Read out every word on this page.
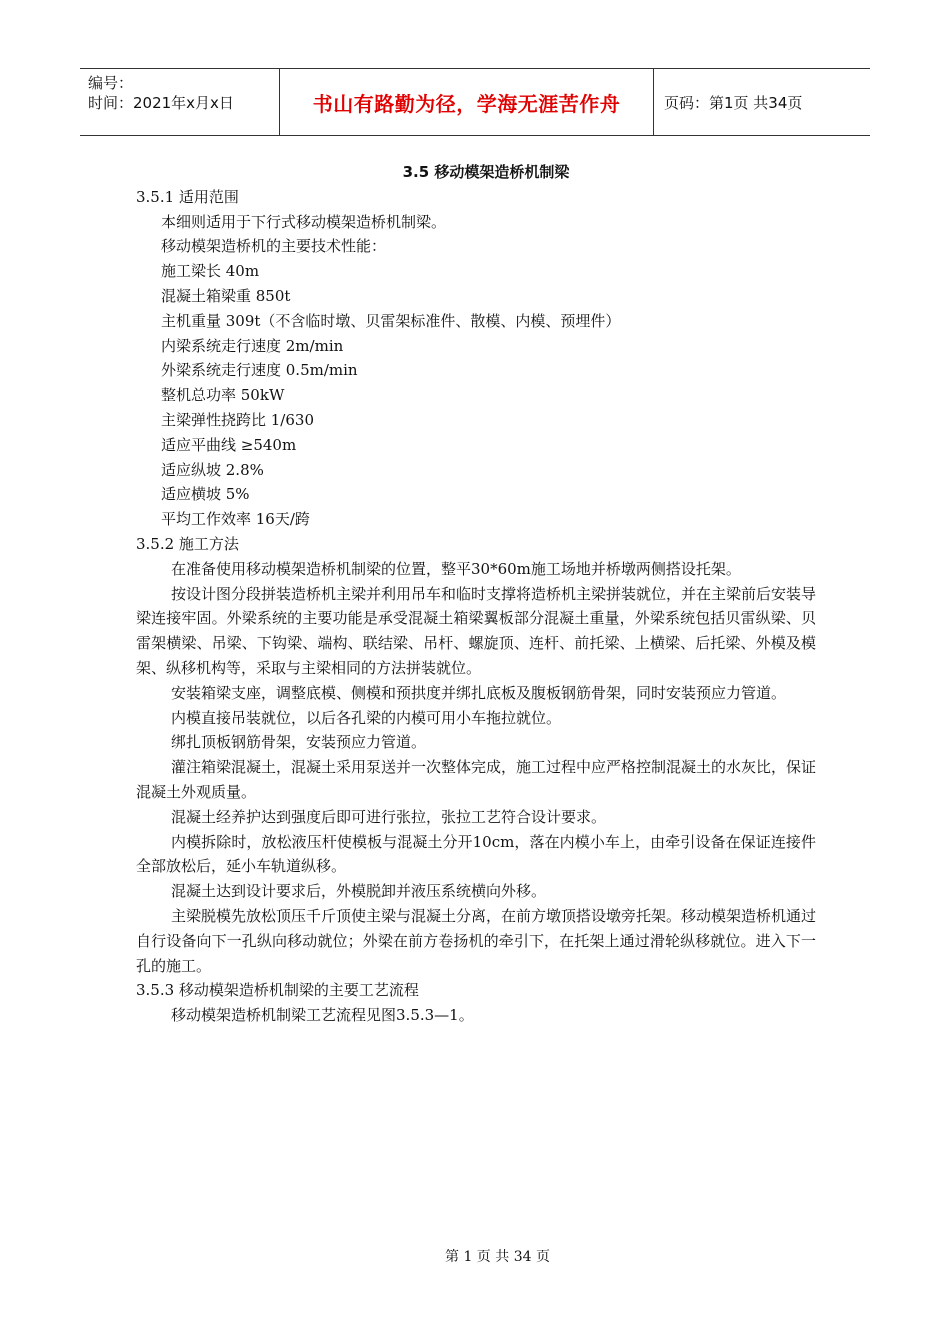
编号：
时间：2021年x月x日	书山有路勤为径，学海无涯苦作舟	页码：第1页 共34页
3.5 移动模架造桥机制梁
3.5.1 适用范围
本细则适用于下行式移动模架造桥机制梁。
移动模架造桥机的主要技术性能：
施工梁长 40m
混凝土箱梁重 850t
主机重量 309t（不含临时墩、贝雷架标准件、散模、内模、预埋件）
内梁系统走行速度 2m/min
外梁系统走行速度 0.5m/min
整机总功率 50kW
主梁弹性挠跨比 1/630
适应平曲线 ≥540m
适应纵坡 2.8%
适应横坡 5%
平均工作效率 16天/跨
3.5.2 施工方法
在准备使用移动模架造桥机制梁的位置，整平30*60m施工场地并桥墩两侧搭设托架。
按设计图分段拼装造桥机主梁并利用吊车和临时支撑将造桥机主梁拼装就位，并在主梁前后安装导梁连接牢固。外梁系统的主要功能是承受混凝土箱梁翼板部分混凝土重量，外梁系统包括贝雷纵梁、贝雷架横梁、吊梁、下钩梁、端构、联结梁、吊杆、螺旋顶、连杆、前托梁、上横梁、后托梁、外模及模架、纵移机构等，采取与主梁相同的方法拼装就位。
安装箱梁支座，调整底模、侧模和预拱度并绑扎底板及腹板钢筋骨架，同时安装预应力管道。
内模直接吊装就位，以后各孔梁的内模可用小车拖拉就位。
绑扎顶板钢筋骨架，安装预应力管道。
灌注箱梁混凝土，混凝土采用泵送并一次整体完成，施工过程中应严格控制混凝土的水灰比，保证混凝土外观质量。
混凝土经养护达到强度后即可进行张拉，张拉工艺符合设计要求。
内模拆除时，放松液压杆使模板与混凝土分开10cm，落在内模小车上，由牵引设备在保证连接件全部放松后，延小车轨道纵移。
混凝土达到设计要求后，外模脱卸并液压系统横向外移。
主梁脱模先放松顶压千斤顶使主梁与混凝土分离，在前方墩顶搭设墩旁托架。移动模架造桥机通过自行设备向下一孔纵向移动就位；外梁在前方卷扬机的牵引下，在托架上通过滑轮纵移就位。进入下一孔的施工。
3.5.3 移动模架造桥机制梁的主要工艺流程
移动模架造桥机制梁工艺流程见图3.5.3—1。
第 1 页 共 34 页
